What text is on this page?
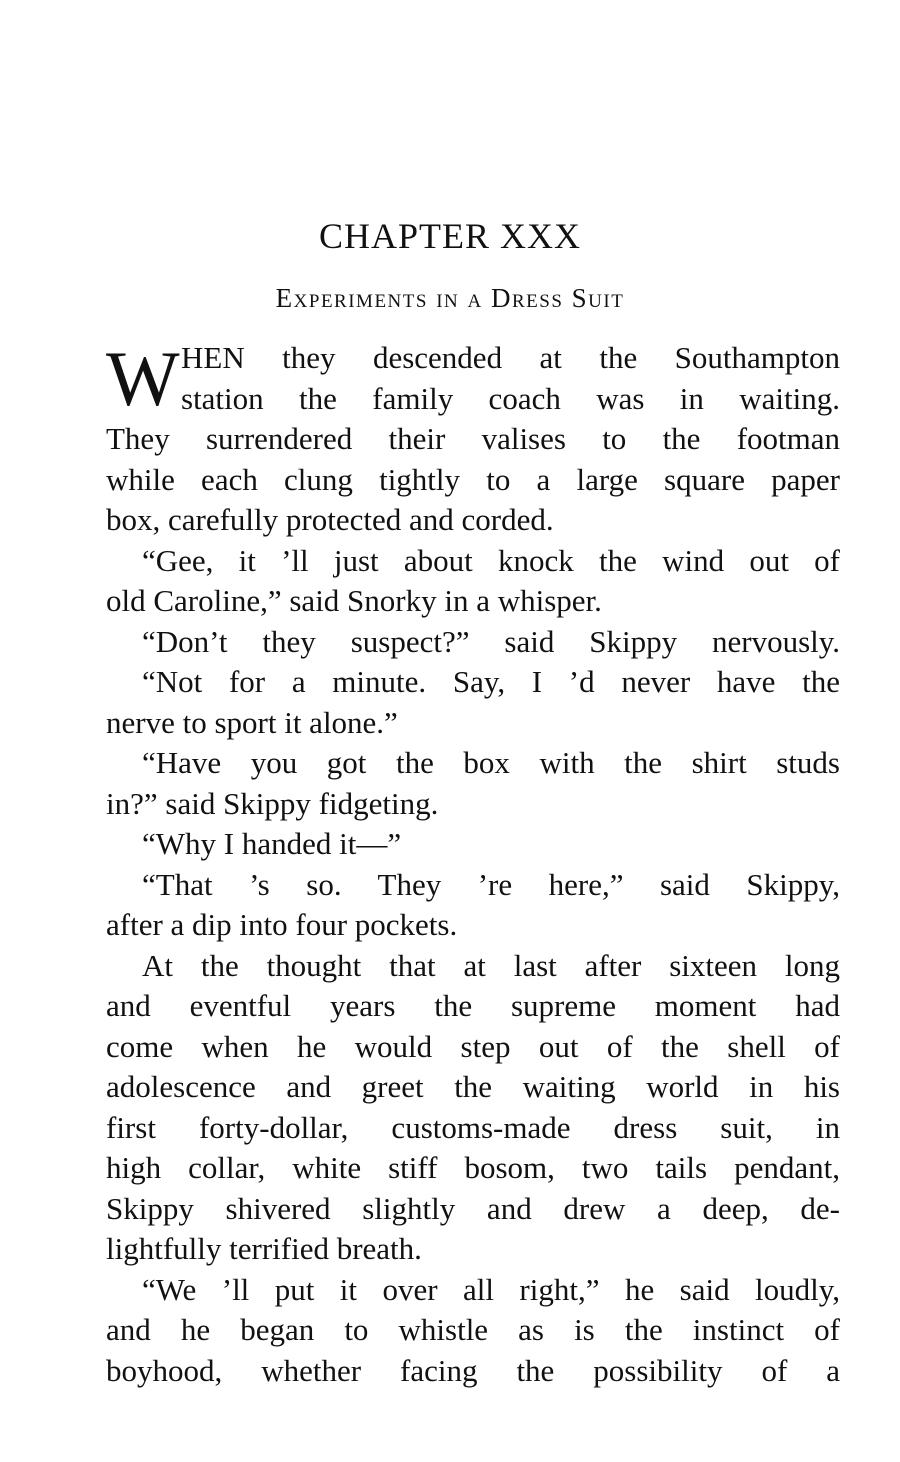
CHAPTER XXX
Experiments in a Dress Suit
W HEN they descended at the Southampton
station the family coach was in waiting.
They surrendered their valises to the footman
while each clung tightly to a large square paper
box, carefully protected and corded.
“Gee, it ’ll just about knock the wind out of
old Caroline,” said Snorky in a whisper.
“Don’t they suspect?” said Skippy nervously.
“Not for a minute. Say, I ’d never have the
nerve to sport it alone.”
“Have you got the box with the shirt studs
in?” said Skippy fidgeting.
“Why I handed it—”
“That ’s so. They ’re here,” said Skippy,
after a dip into four pockets.
At the thought that at last after sixteen long
and eventful years the supreme moment had
come when he would step out of the shell of
adolescence and greet the waiting world in his
first forty-dollar, customs-made dress suit, in
high collar, white stiff bosom, two tails pendant,
Skippy shivered slightly and drew a deep, de-
lightfully terrified breath.
“We ’ll put it over all right,” he said loudly,
and he began to whistle as is the instinct of
boyhood, whether facing the possibility of a
